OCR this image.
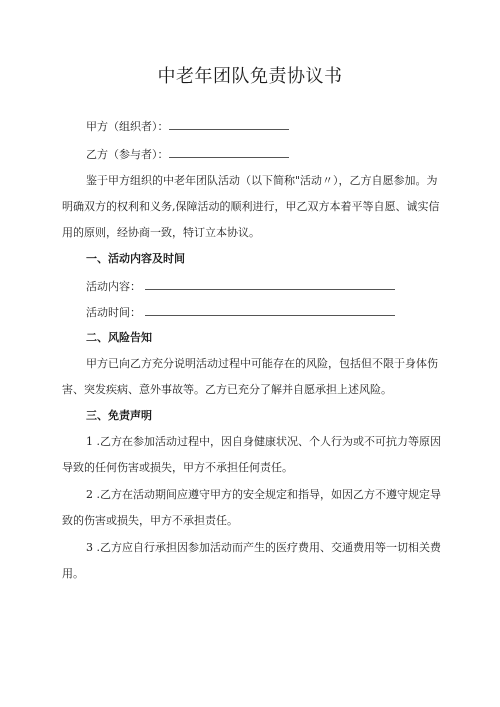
中老年团队免责协议书
甲方（组织者）：
乙方（参与者）：
鉴于甲方组织的中老年团队活动（以下简称"活动〃），乙方自愿参加。为
明确双方的权利和义务,保障活动的顺利进行，甲乙双方本着平等自愿、诚实信
用的原则，经协商一致，特订立本协议。
一、活动内容及时间
活动内容：
活动时间：
二、风险告知
甲方已向乙方充分说明活动过程中可能存在的风险，包括但不限于身体伤
害、突发疾病、意外事故等。乙方已充分了解并自愿承担上述风险。
三、免责声明
1 .乙方在参加活动过程中，因自身健康状况、个人行为或不可抗力等原因
导致的任何伤害或损失，甲方不承担任何责任。
2 .乙方在活动期间应遵守甲方的安全规定和指导，如因乙方不遵守规定导
致的伤害或损失，甲方不承担责任。
3 .乙方应自行承担因参加活动而产生的医疗费用、交通费用等一切相关费
用。
